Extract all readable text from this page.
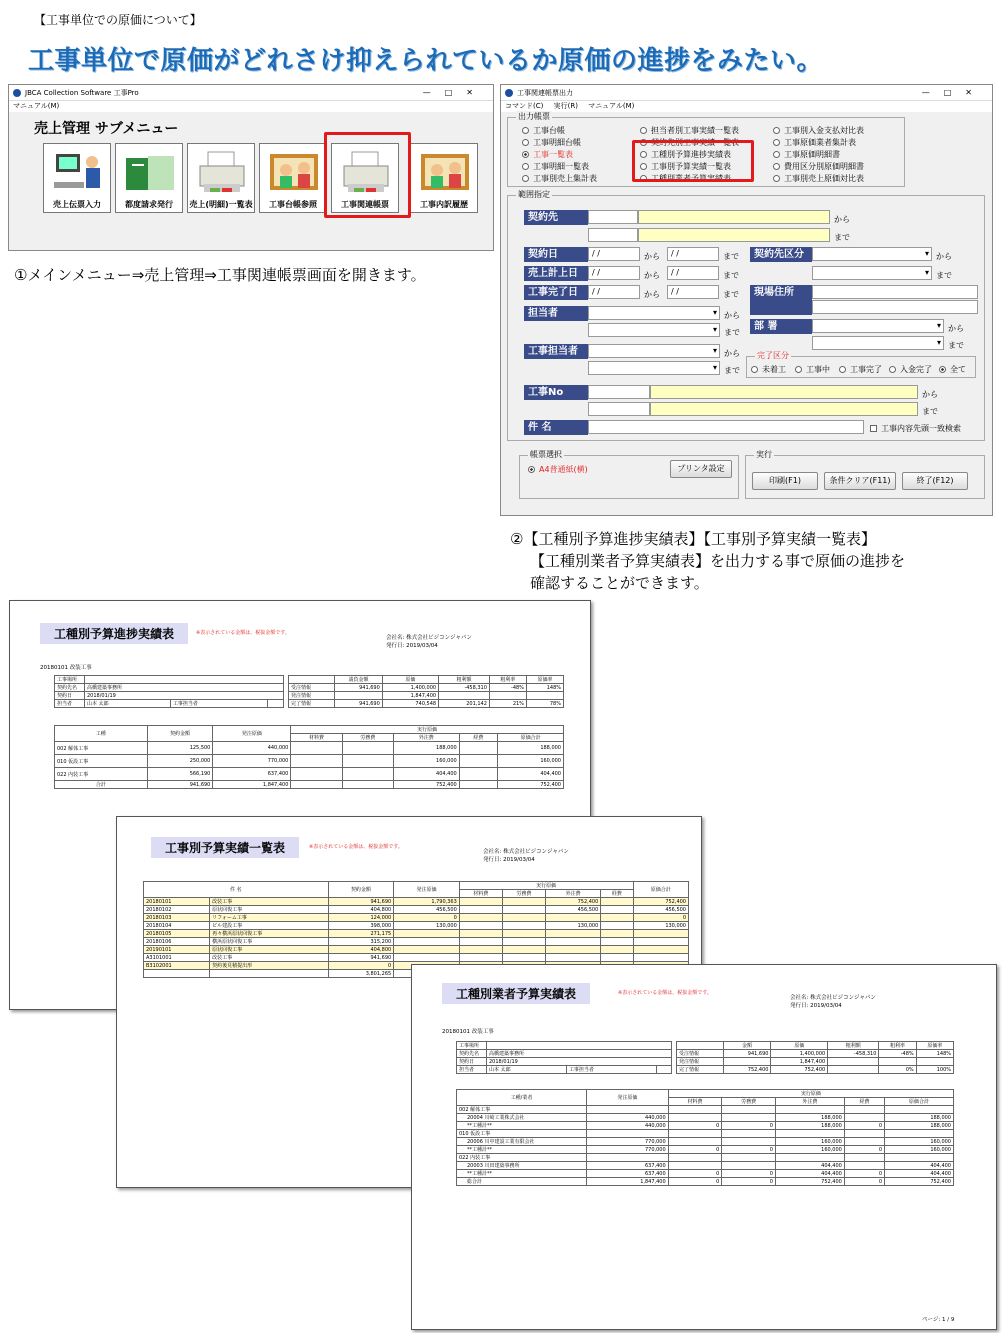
【工事単位での原価について】
工事単位で原価がどれさけ抑えられているか原価の進捗をみたい。
JBCA Collection Software 工事Pro	—□✕
マニュアル(M)
売上管理 サブメニュー
売上伝票入力	都度請求発行	売上(明細)一覧表	工事台帳参照	工事関連帳票	工事内訳履歴
①メインメニュー⇒売上管理⇒工事関連帳票画面を開きます。
工事関連帳票出力	—□✕
コマンド(C) 実行(R) マニュアル(M)
出力帳票
工事台帳
工事明細台帳
工事一覧表
工事明細一覧表
工事別売上集計表
担当者別工事実績一覧表
契約先別工事実績一覧表
工種別予算進捗実績表
工事別予算実績一覧表
工種別業者予算実績表
工事別入金支払対比表
工事原価業者集計表
工事原価明細書
費用区分別原価明細書
工事別売上原価対比表
範囲指定
契約先	から
まで
契約日	/ /	から	/ /	まで	契約先区分 ▾	から
売上計上日	/ /	から	/ /	まで ▾	まで
工事完了日	/ /	から	/ /	まで	現場住所
担当者 ▾	から
▾
まで
部 署 ▾	から
▾
まで
工事担当者 ▾	から
▾
まで
完了区分
未着工	工事中	工事完了	入金完了	全て
工事No	から
まで
件 名	工事内容先頭一致検索
帳票選択
A4普通紙(横)	プリンタ設定
実行
印刷(F1)	条件クリア(F11)	終了(F12)
②【工種別予算進捗実績表】【工事別予算実績一覧表】
【工種別業者予算実績表】を出力する事で原価の進捗を
確認することができます。
工種別予算進捗実績表	※表示されている金額は、税抜金額です。
会社名: 株式会社ビジコンジャパン
発行日: 2019/03/04
20180101 改装工事
工事場所			
契約先名	高橋建築事務所		
契約日	2018/01/19		
担当者	山本 太郎	工事担当者	
	請負金額	原価	粗利額	粗利率	原価率
受注情報	941,690	1,400,000	-458,310	-48%	148%
発注情報		1,847,400			
完了情報	941,690	740,548	201,142	21%	78%
工種	契約金額	発注原価	実行原価				
			材料費	労務費	外注費	経費	原価合計
002 解体工事	125,500	440,000			188,000		188,000
010 仮設工事	250,000	770,000			160,000		160,000
022 内装工事	566,190	637,400			404,400		404,400
合計	941,690	1,847,400			752,400		752,400
工事別予算実績一覧表	※表示されている金額は、税抜金額です。
会社名: 株式会社ビジコンジャパン
発行日: 2019/03/04
件 名		契約金額	発注原価	実行原価				原価合計
				材料費	労務費	外注費	経費	
20180101	改装工事	941,690	1,790,363			752,400		752,400
20180102	原状回復工事	404,800	456,500			456,500		456,500
20180103	リフォーム工事	124,000	0					0
20180104	ビル建設工事	398,000	130,000			130,000		130,000
20180105	再々横浜原状回復工事	271,175						
20180106	横浜原状回復工事	315,200						
20190101	原状回復工事	404,800						
A3101001	改装工事	941,690						
B3102001	契約後見積提出形	0						
		3,801,265						
工種別業者予算実績表	※表示されている金額は、税抜金額です。
会社名: 株式会社ビジコンジャパン
発行日: 2019/03/04
20180101 改装工事
工事場所			
契約先名	高橋建築事務所		
契約日	2018/01/19		
担当者	山本 太郎	工事担当者	
	金額	原価	粗利額	粗利率	原価率
受注情報	941,690	1,400,000	-458,310	-48%	148%
発注情報		1,847,400			
完了情報	752,400	752,400		0%	100%
工種/業者	発注原価	実行原価				
		材料費	労務費	外注費	経費	原価合計
002 解体工事						
20004 川崎工業株式会社	440,000			188,000		188,000
**工種計**	440,000	0	0	188,000	0	188,000
010 仮設工事						
20006 川中建設工業有限会社	770,000			160,000		160,000
**工種計**	770,000	0	0	160,000	0	160,000
022 内装工事						
20003 川田建築事務所	637,400			404,400		404,400
**工種計**	637,400	0	0	404,400	0	404,400
総合計	1,847,400	0	0	752,400	0	752,400
ページ: 1 / 9
